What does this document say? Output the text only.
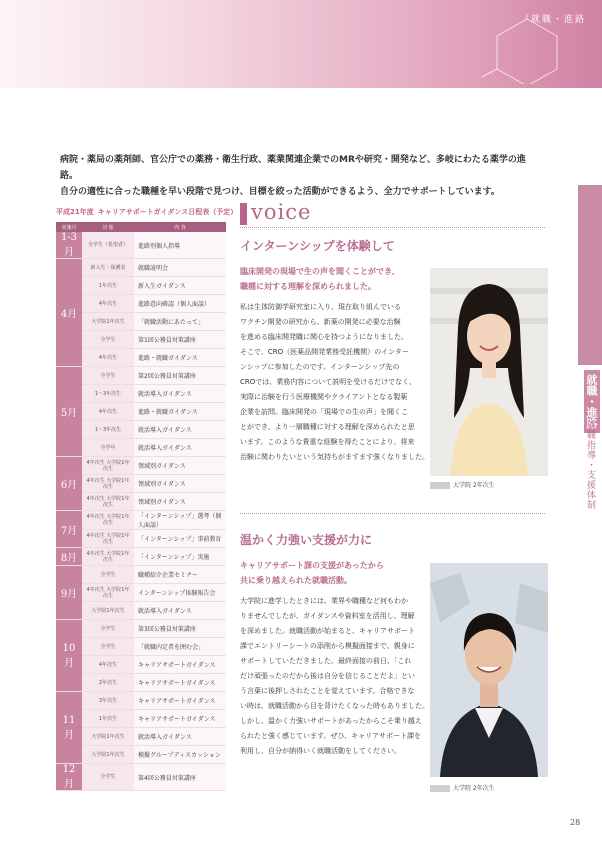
就職・進路

病院・薬局の薬剤師、官公庁での薬務・衛生行政、薬業関連企業でのMRや研究・開発など、多岐にわたる薬学の進路。

自分の適性に合った職種を早い段階で見つけ、目標を絞った活動ができるよう、全力でサポートしています。

平成21年度 キャリアサポートガイダンス日程表（予定）
実施月	対 象	内 容
1-3月	全学生（希望者）	進路別個人指導
4月	新入生・保護者	就職説明会
	1年次生	新入生ガイダンス
	4年次生	進路意向確認（個人面談）
	大学院1年次生	「就職活動にあたって」
	全学生	第1回公務員対策講座
	4年次生	進路・就職ガイダンス
5月	全学生	第2回公務員対策講座
	1〜3年次生	就活導入ガイダンス
	4年次生	進路・就職ガイダンス
	1〜3年次生	就活導入ガイダンス
	全学年	就活導入ガイダンス
6月	4年次生 大学院1年次生	領域別ガイダンス
	4年次生 大学院1年次生	領域別ガイダンス
	4年次生 大学院1年次生	領域別ガイダンス
7月	4年次生 大学院1年次生	「インターンシップ」選考（個人面談）
	4年次生 大学院1年次生	「インターンシップ」事前教育
8月	4年次生 大学院1年次生	「インターンシップ」実施
9月	全学生	職種紹介企業セミナー
	4年次生 大学院1年次生	インターンシップ体験報告会
	大学院1年次生	就活導入ガイダンス
10月	全学生	第3回公務員対策講座
	全学生	「就職内定者を囲む会」
	4年次生	キャリアサポートガイダンス
	2年次生	キャリアサポートガイダンス
11月	3年次生	キャリアサポートガイダンス
	1年次生	キャリアサポートガイダンス
	大学院1年次生	就活導入ガイダンス
	大学院1年次生	模擬グループディスカッション
12月	全学生	第4回公務員対策講座
voice
インターンシップを体験して

臨床開発の現場で生の声を聞くことができ、

職種に対する理解を深められました。

私は生体防御学研究室に入り、現在取り組んでいる

ワクチン開発の研究から、新薬の開発に必要な治験

を進める臨床開発職に関心を持つようになりました。

そこで、CRO（医薬品開発業務受託機関）のインター

ンシップに参加したのです。インターンシップ先の

CROでは、業務内容について説明を受けるだけでなく、

実際に治験を行う医療機関やクライアントとなる製薬

企業を訪問。臨床開発の「現場での生の声」を聞くこ

とができ、より一層職種に対する理解を深められたと思

います。このような貴重な経験を得たことにより、将来

治験に関わりたいという気持ちがますます強くなりました。

大学院 2年次生
温かく力強い支援が力に

キャリアサポート課の支援があったから

共に乗り越えられた就職活動。

大学院に進学したときには、業界や職種など何もわか

りませんでしたが、ガイダンスや資料室を活用し、理解

を深めました。就職活動が始まると、キャリアサポート

課でエントリーシートの添削から模擬面接まで、親身に

サポートしていただきました。最終面接の前日、「これ

だけ頑張ったのだから後は自分を信じることだよ」とい

う言葉に後押しされたことを覚えています。合格できな

い時は、就職活動から目を背けたくなった時もありました。

しかし、温かく力強いサポートがあったからこそ乗り越え

られたと強く感じています。ぜひ、キャリアサポート課を

利用し、自分が納得いく就職活動をしてください。

大学院 2年次生
就職・進路
就職指導・支援体制
28
